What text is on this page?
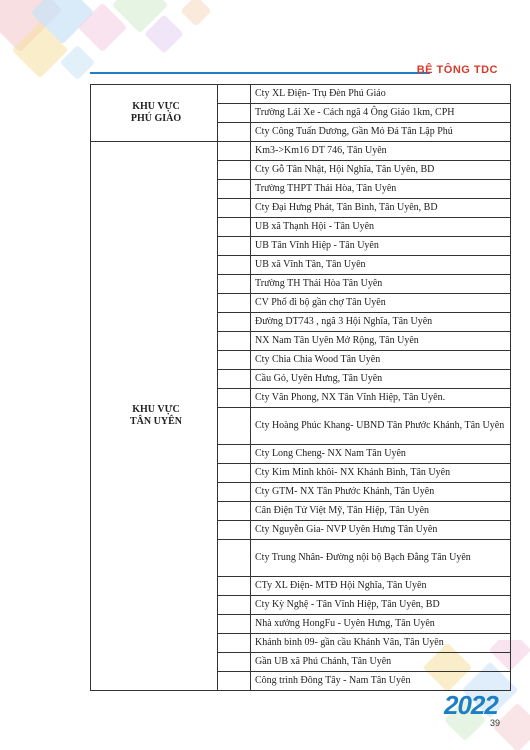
BÊ TÔNG TDC
KHU VỰC
PHÚ GIÁO		Cty XL Điện- Trụ Đèn Phú Giáo
		Trường Lái Xe - Cách ngã 4 Ông Giáo 1km, CPH
		Cty Công Tuấn Dương, Gần Mỏ Đá Tân Lập Phú

KHU VỰC
TÂN UYÊN		Km3->Km16 DT 746, Tân Uyên
		Cty Gỗ Tân Nhật, Hội Nghĩa, Tân Uyên, BD
		Trường THPT Thái Hòa, Tân Uyên
		Cty Đại Hưng Phát, Tân Bình, Tân Uyên, BD
		UB xã Thạnh Hội - Tân Uyên
		UB Tân Vĩnh Hiệp - Tân Uyên
		UB xã Vĩnh Tân, Tân Uyên
		Trường TH Thái Hòa Tân Uyên
		CV Phố đi bộ gần chợ Tân Uyên
		Đường DT743 , ngã 3 Hội Nghĩa, Tân Uyên
		NX Nam Tân Uyên Mở Rộng, Tân Uyên
		Cty Chia Chia Wood Tân Uyên
		Cầu Gỏ, Uyên Hưng, Tân Uyên
		Cty Vân Phong, NX Tân Vĩnh Hiệp, Tân Uyên.
		Cty Hoàng Phúc Khang- UBND Tân Phước Khánh, Tân Uyên
		Cty Long Cheng- NX Nam Tân Uyên
		Cty Kim Minh khôi- NX Khánh Bình, Tân Uyên
		Cty GTM- NX Tân Phước Khánh, Tân Uyên
		Cân Điện Tử Việt Mỹ, Tân Hiệp, Tân Uyên
		Cty Nguyễn Gia- NVP Uyên Hưng Tân Uyên
		Cty Trung Nhân- Đường nội bộ Bạch Đằng Tân Uyên
		CTy XL Điện- MTĐ Hội Nghĩa, Tân Uyên
		Cty Kỳ Nghệ - Tân Vĩnh Hiệp, Tân Uyên, BD
		Nhà xưởng HongFu - Uyên Hưng, Tân Uyên
		Khánh bình 09- gần cầu Khánh Vân, Tân Uyên
		Gần UB xã Phú Chánh, Tân Uyên
		Công trình Đông Tây - Nam Tân Uyên
2022
39
